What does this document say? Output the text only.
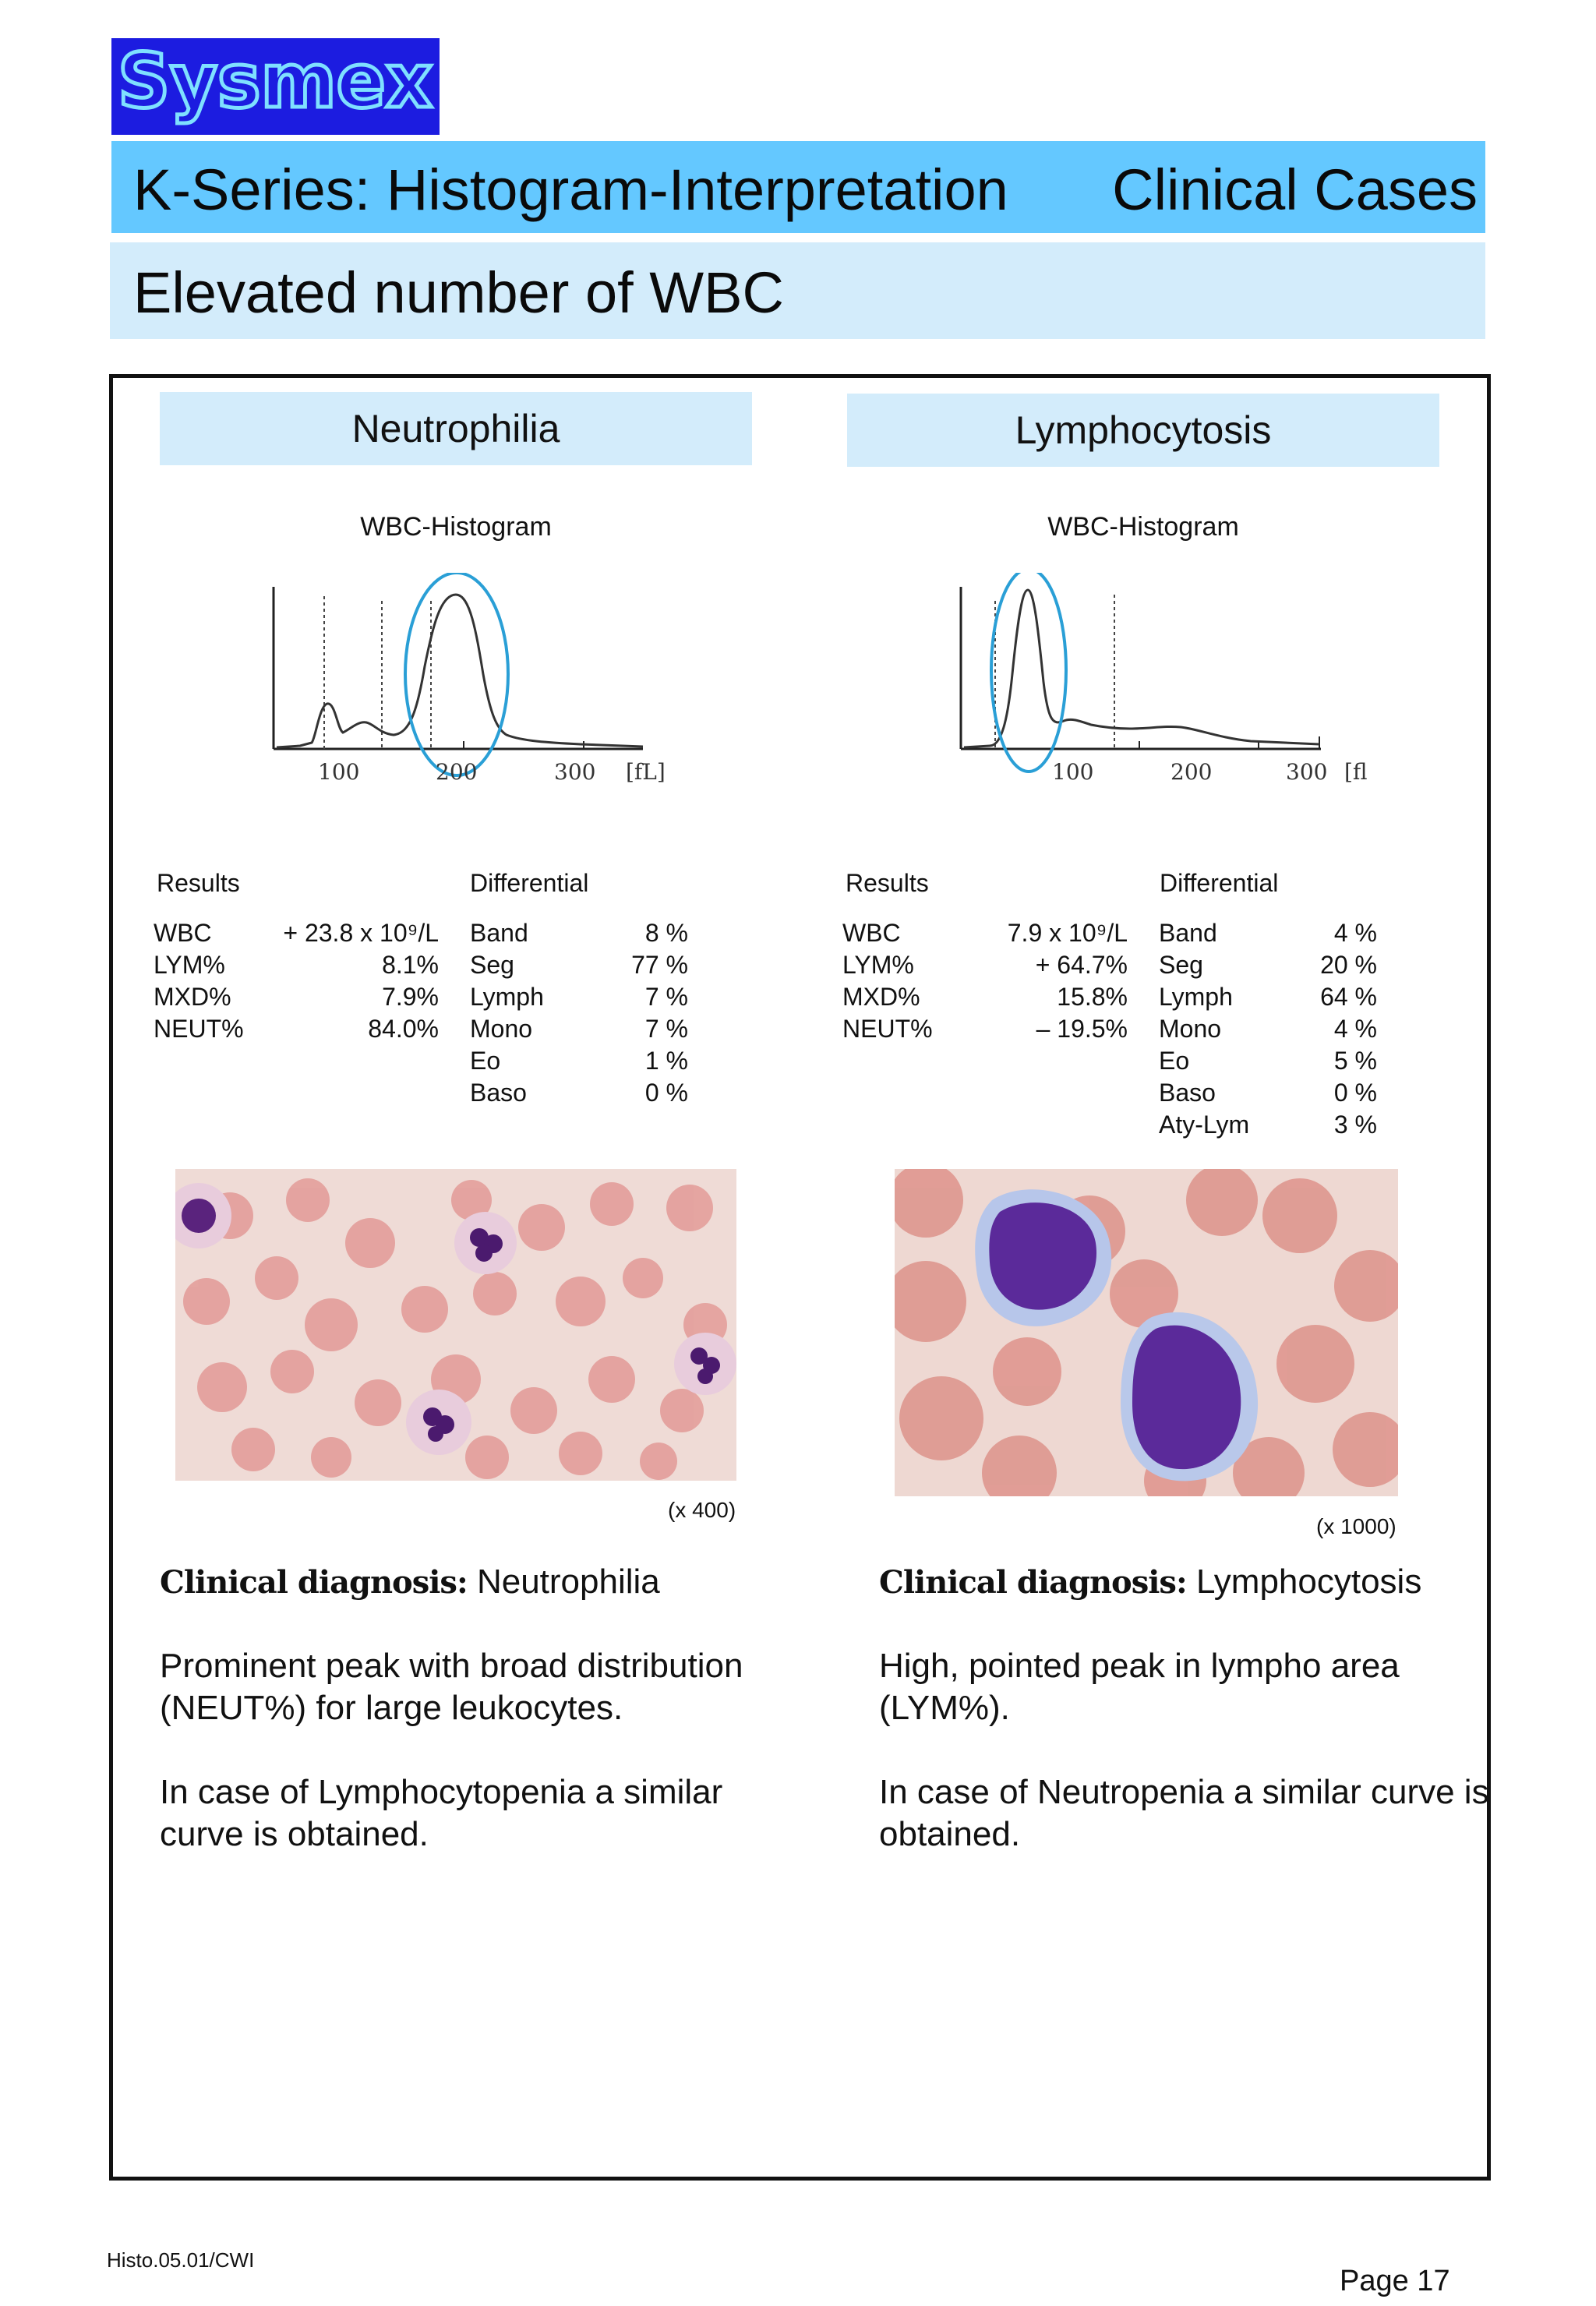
Sysmex
K-Series: Histogram-Interpretation Clinical Cases
Elevated number of WBC
Neutrophilia
WBC-Histogram
100	200	300 [fL]
Results	Differential
WBC	+ 23.8 x 10⁹/L
LYM%	8.1%
MXD%	7.9%
NEUT%	84.0%
Band	8 %
Seg	77 %
Lymph	7 %
Mono	7 %
Eo	1 %
Baso	0 %
(x 400)
Clinical diagnosis: Neutrophilia
Prominent peak with broad distribution (NEUT%) for large leukocytes.
In case of Lymphocytopenia a similar curve is obtained.
Lymphocytosis
WBC-Histogram
100	200	300 [fl
Results	Differential
WBC	7.9 x 10⁹/L
LYM%	+ 64.7%
MXD%	15.8%
NEUT%	– 19.5%
Band	4 %
Seg	20 %
Lymph	64 %
Mono	4 %
Eo	5 %
Baso	0 %
Aty-Lym	3 %
(x 1000)
Clinical diagnosis: Lymphocytosis
High, pointed peak in lympho area (LYM%).
In case of Neutropenia a similar curve is obtained.
Histo.05.01/CWI
Page 17
